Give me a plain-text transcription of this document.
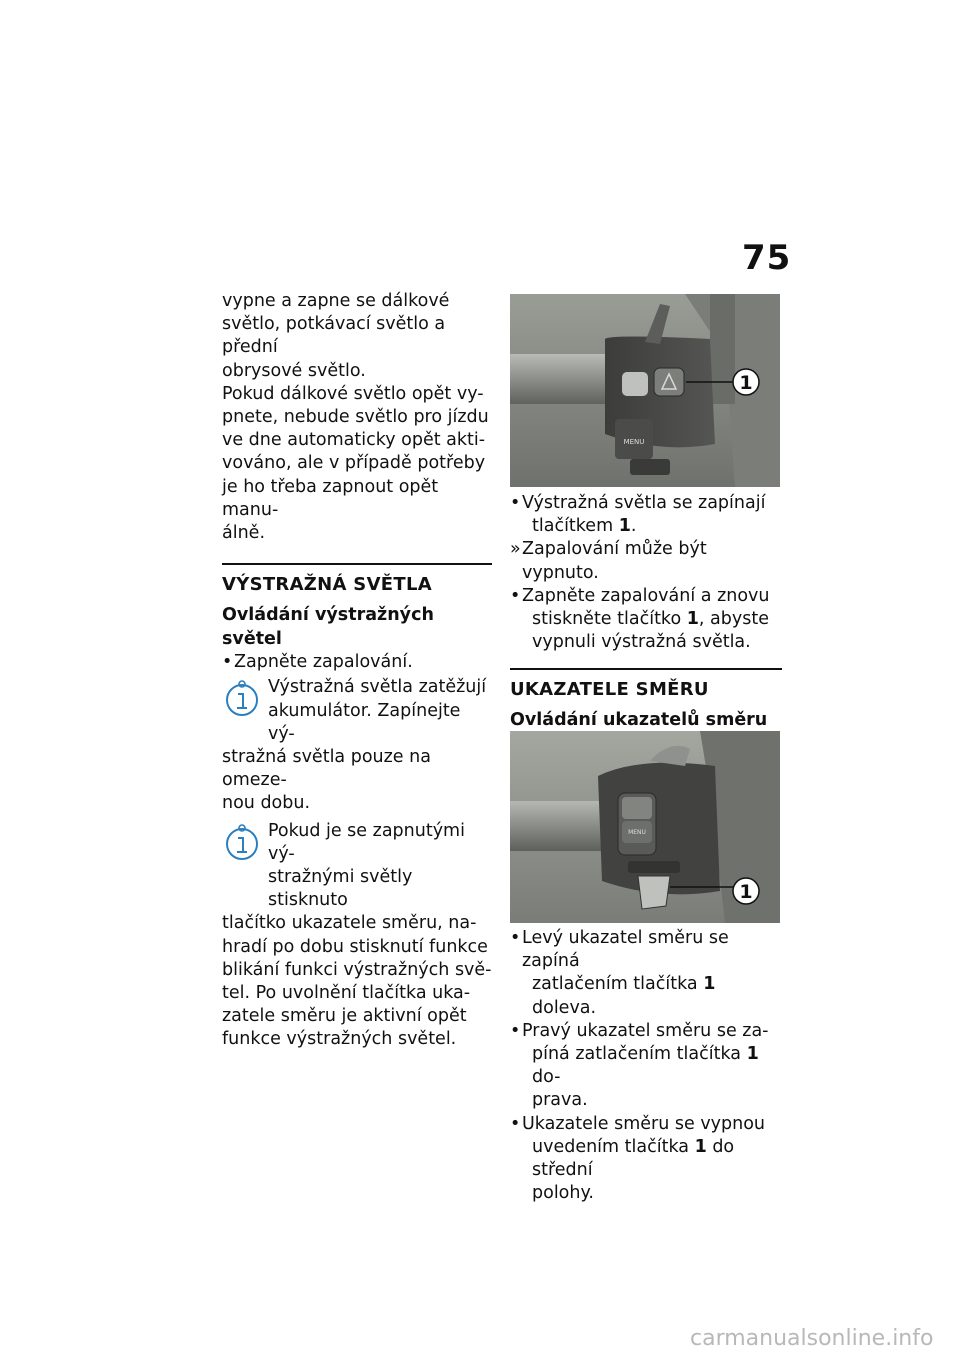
75

vypne a zapne se dálkové

světlo, potkávací světlo a přední

obrysové světlo.

Pokud dálkové světlo opět vy-

pnete, nebude světlo pro jízdu

ve dne automaticky opět akti-

vováno, ale v případě potřeby

je ho třeba zapnout opět manu-

álně.

VÝSTRAŽNÁ SVĚTLA

Ovládání výstražných světel

• Zapněte zapalování.

Výstražná světla zatěžují

akumulátor. Zapínejte vý-

stražná světla pouze na omeze-

nou dobu.

Pokud je se zapnutými vý-

stražnými světly stisknuto

tlačítko ukazatele směru, na-

hradí po dobu stisknutí funkce

blikání funkci výstražných svě-

tel. Po uvolnění tlačítka uka-

zatele směru je aktivní opět

funkce výstražných světel.

MENU
1
• Výstražná světla se zapínají
tlačítkem 1.
» Zapalování může být vypnuto.
• Zapněte zapalování a znovu
stiskněte tlačítko 1, abyste
vypnuli výstražná světla.

UKAZATELE SMĚRU

Ovládání ukazatelů směru

MENU
1
• Levý ukazatel směru se zapíná
zatlačením tlačítka 1 doleva.
• Pravý ukazatel směru se za-
píná zatlačením tlačítka 1 do-
prava.
• Ukazatele směru se vypnou
uvedením tlačítka 1 do střední
polohy.
carmanualsonline.info
